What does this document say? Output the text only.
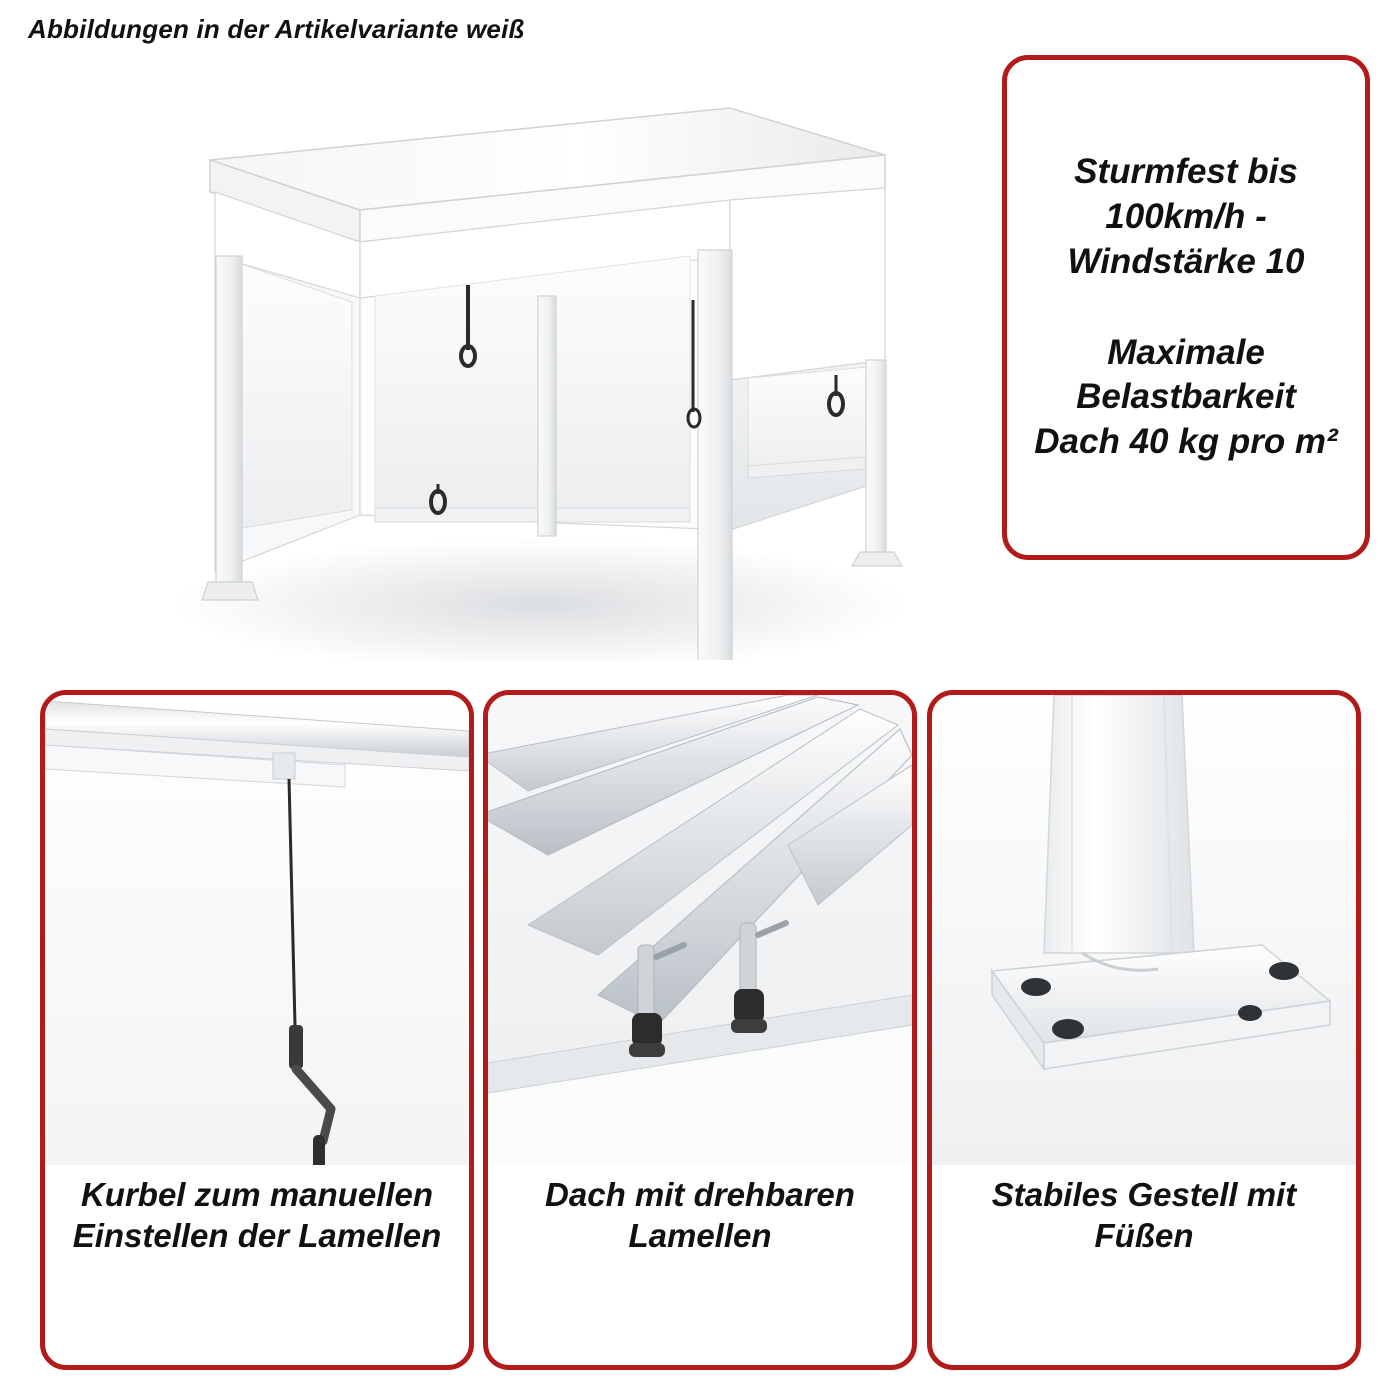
Abbildungen in der Artikelvariante weiß

Sturmfest bis 100km/h - Windstärke 10

Maximale Belastbarkeit Dach 40 kg pro m²

Kurbel zum manuellen Einstellen der Lamellen
Dach mit drehbaren Lamellen
Stabiles Gestell mit Füßen
